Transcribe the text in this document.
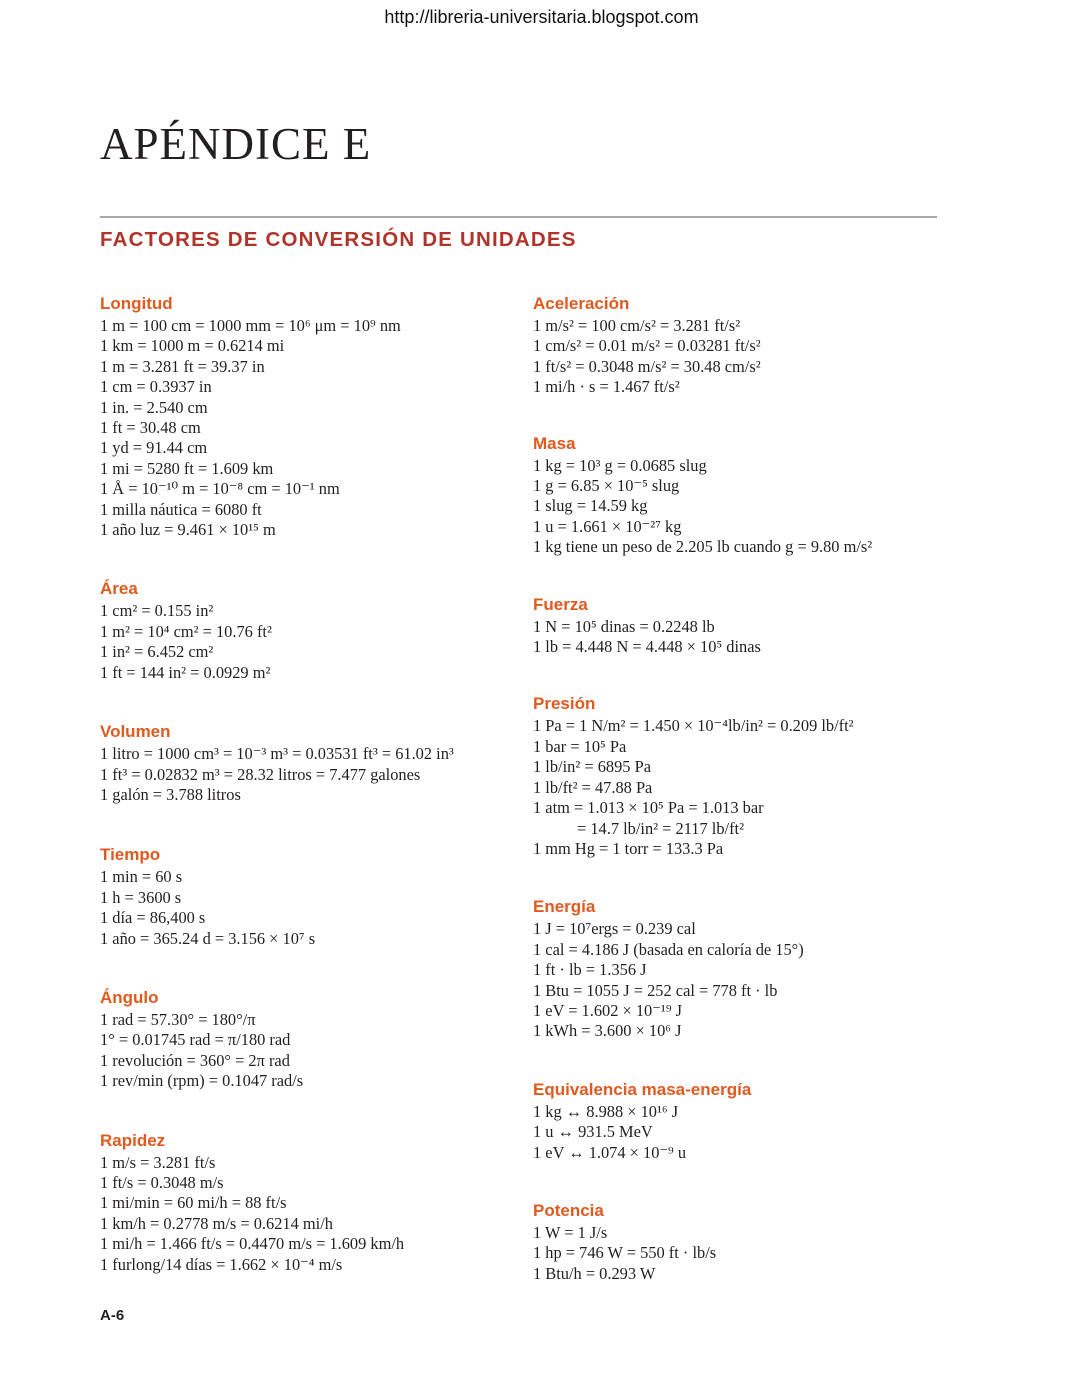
http://libreria-universitaria.blogspot.com
APÉNDICE E
FACTORES DE CONVERSIÓN DE UNIDADES
Longitud
1 m = 100 cm = 1000 mm = 10⁶ μm = 10⁹ nm
1 km = 1000 m = 0.6214 mi
1 m = 3.281 ft = 39.37 in
1 cm = 0.3937 in
1 in. = 2.540 cm
1 ft = 30.48 cm
1 yd = 91.44 cm
1 mi = 5280 ft = 1.609 km
1 Å = 10⁻¹⁰ m = 10⁻⁸ cm = 10⁻¹ nm
1 milla náutica = 6080 ft
1 año luz = 9.461 × 10¹⁵ m
Área
1 cm² = 0.155 in²
1 m² = 10⁴ cm² = 10.76 ft²
1 in² = 6.452 cm²
1 ft = 144 in² = 0.0929 m²
Volumen
1 litro = 1000 cm³ = 10⁻³ m³ = 0.03531 ft³ = 61.02 in³
1 ft³ = 0.02832 m³ = 28.32 litros = 7.477 galones
1 galón = 3.788 litros
Tiempo
1 min = 60 s
1 h = 3600 s
1 día = 86,400 s
1 año = 365.24 d = 3.156 × 10⁷ s
Ángulo
1 rad = 57.30° = 180°/π
1° = 0.01745 rad = π/180 rad
1 revolución = 360° = 2π rad
1 rev/min (rpm) = 0.1047 rad/s
Rapidez
1 m/s = 3.281 ft/s
1 ft/s = 0.3048 m/s
1 mi/min = 60 mi/h = 88 ft/s
1 km/h = 0.2778 m/s = 0.6214 mi/h
1 mi/h = 1.466 ft/s = 0.4470 m/s = 1.609 km/h
1 furlong/14 días = 1.662 × 10⁻⁴ m/s
Aceleración
1 m/s² = 100 cm/s² = 3.281 ft/s²
1 cm/s² = 0.01 m/s² = 0.03281 ft/s²
1 ft/s² = 0.3048 m/s² = 30.48 cm/s²
1 mi/h · s = 1.467 ft/s²
Masa
1 kg = 10³ g = 0.0685 slug
1 g = 6.85 × 10⁻⁵ slug
1 slug = 14.59 kg
1 u = 1.661 × 10⁻²⁷ kg
1 kg tiene un peso de 2.205 lb cuando g = 9.80 m/s²
Fuerza
1 N = 10⁵ dinas = 0.2248 lb
1 lb = 4.448 N = 4.448 × 10⁵ dinas
Presión
1 Pa = 1 N/m² = 1.450 × 10⁻⁴lb/in² = 0.209 lb/ft²
1 bar = 10⁵ Pa
1 lb/in² = 6895 Pa
1 lb/ft² = 47.88 Pa
1 atm = 1.013 × 10⁵ Pa = 1.013 bar
= 14.7 lb/in² = 2117 lb/ft²
1 mm Hg = 1 torr = 133.3 Pa
Energía
1 J = 10⁷ergs = 0.239 cal
1 cal = 4.186 J (basada en caloría de 15°)
1 ft · lb = 1.356 J
1 Btu = 1055 J = 252 cal = 778 ft · lb
1 eV = 1.602 × 10⁻¹⁹ J
1 kWh = 3.600 × 10⁶ J
Equivalencia masa-energía
1 kg ↔ 8.988 × 10¹⁶ J
1 u ↔ 931.5 MeV
1 eV ↔ 1.074 × 10⁻⁹ u
Potencia
1 W = 1 J/s
1 hp = 746 W = 550 ft · lb/s
1 Btu/h = 0.293 W
A-6
